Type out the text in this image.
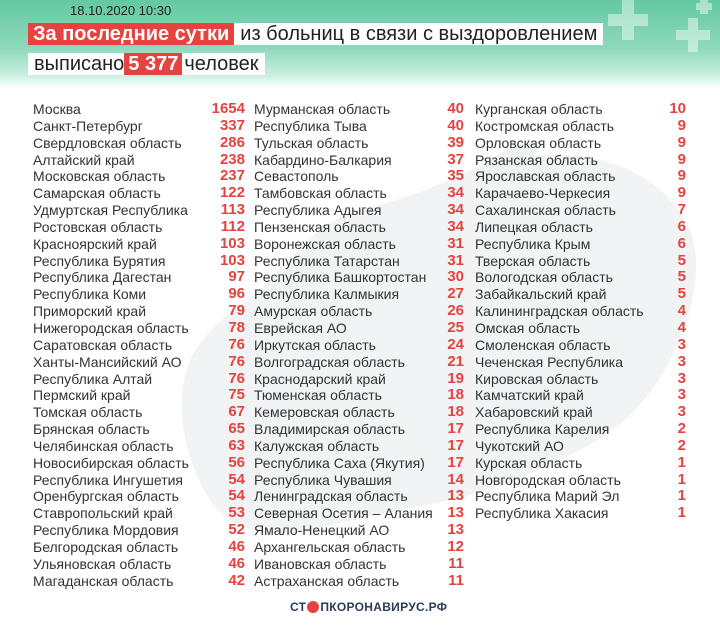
18.10.2020 10:30
За последние сутки из больниц в связи с выздоровлением
выписано 5 377 человек
Москва	1654
Санкт-Петербург	337
Свердловская область	286
Алтайский край	238
Московская область	237
Самарская область	122
Удмуртская Республика 113
Ростовская область	112
Красноярский край	103
Республика Бурятия	103
Республика Дагестан	97
Республика Коми	96
Приморский край	79
Нижегородская область	78
Саратовская область	76
Ханты-Мансийский АО	76
Республика Алтай	76
Пермский край	75
Томская область	67
Брянская область	65
Челябинская область	63
Новосибирская область	56
Республика Ингушетия	54
Оренбургская область	54
Ставропольский край	53
Республика Мордовия	52
Белгородская область	46
Ульяновская область	46
Магаданская область	42
Мурманская область	40
Республика Тыва	40
Тульская область	39
Кабардино-Балкария	37
Севастополь	35
Тамбовская область	34
Республика Адыгея	34
Пензенская область	34
Воронежская область	31
Республика Татарстан	31
Республика Башкортостан 30
Республика Калмыкия	27
Амурская область	26
Еврейская АО	25
Иркутская область	24
Волгоградская область	21
Краснодарский край	19
Тюменская область	18
Кемеровская область	18
Владимирская область	17
Калужская область	17
Республика Саха (Якутия) 17
Республика Чувашия	14
Ленинградская область	13
Северная Осетия – Алания 13
Ямало-Ненецкий АО	13
Архангельская область	12
Ивановская область	11
Астраханская область	11
Курганская область	10
Костромская область	9
Орловская область	9
Рязанская область	9
Ярославская область	9
Карачаево-Черкесия	9
Сахалинская область	7
Липецкая область	6
Республика Крым	6
Тверская область	5
Вологодская область	5
Забайкальский край	5
Калининградская область 4
Омская область	4
Смоленская область	3
Чеченская Республика	3
Кировская область	3
Камчатский край	3
Хабаровский край	3
Республика Карелия	2
Чукотский АО	2
Курская область	1
Новгородская область	1
Республика Марий Эл	1
Республика Хакасия	1
СТ ПКОРОНАВИРУС.РФ
